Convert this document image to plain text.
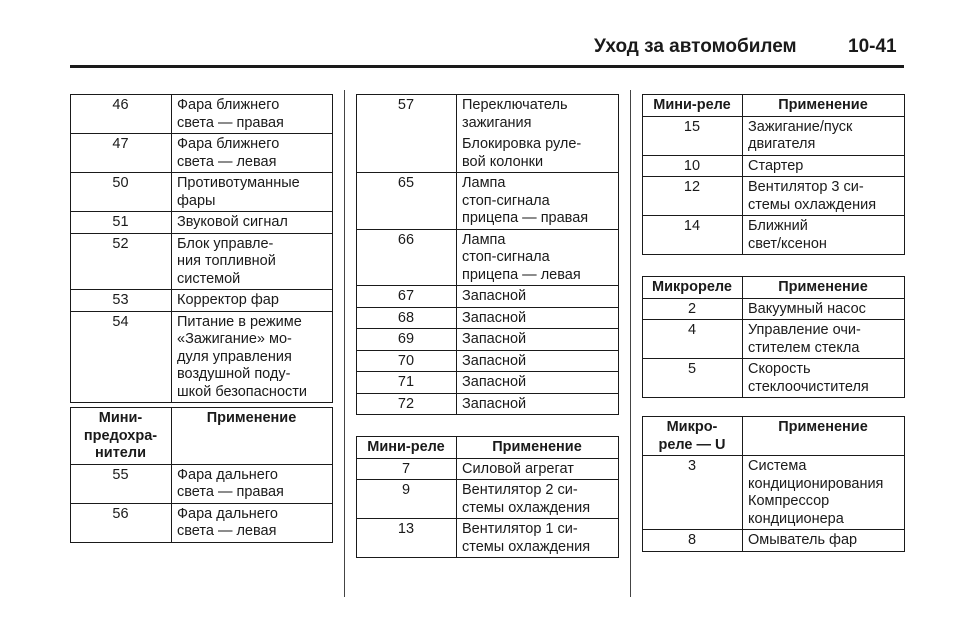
Уход за автомобилем	10-41
46	Фара ближнего
света — правая
47	Фара ближнего
света — левая
50	Противотуманные
фары
51	Звуковой сигнал
52	Блок управле-
ния топливной
системой
53	Корректор фар
54	Питание в режиме
«Зажигание» мо-
дуля управления
воздушной поду-
шкой безопасности
Мини-
предохра-
нители	Применение
55	Фара дальнего
света — правая
56	Фара дальнего
света — левая
57	Переключатель
зажигания
Блокировка руле-
вой колонки
65	Лампа
стоп-сигнала
прицепа — правая
66	Лампа
стоп-сигнала
прицепа — левая
67	Запасной
68	Запасной
69	Запасной
70	Запасной
71	Запасной
72	Запасной
Мини-реле	Применение
7	Силовой агрегат
9	Вентилятор 2 си-
стемы охлаждения
13	Вентилятор 1 си-
стемы охлаждения
Мини-реле	Применение
15	Зажигание/пуск
двигателя
10	Стартер
12	Вентилятор 3 си-
стемы охлаждения
14	Ближний
свет/ксенон
Микрореле	Применение
2	Вакуумный насос
4	Управление очи-
стителем стекла
5	Скорость
стеклоочистителя
Микро-
реле — U	Применение
3	Система
кондиционирования
Компрессор
кондиционера
8	Омыватель фар
